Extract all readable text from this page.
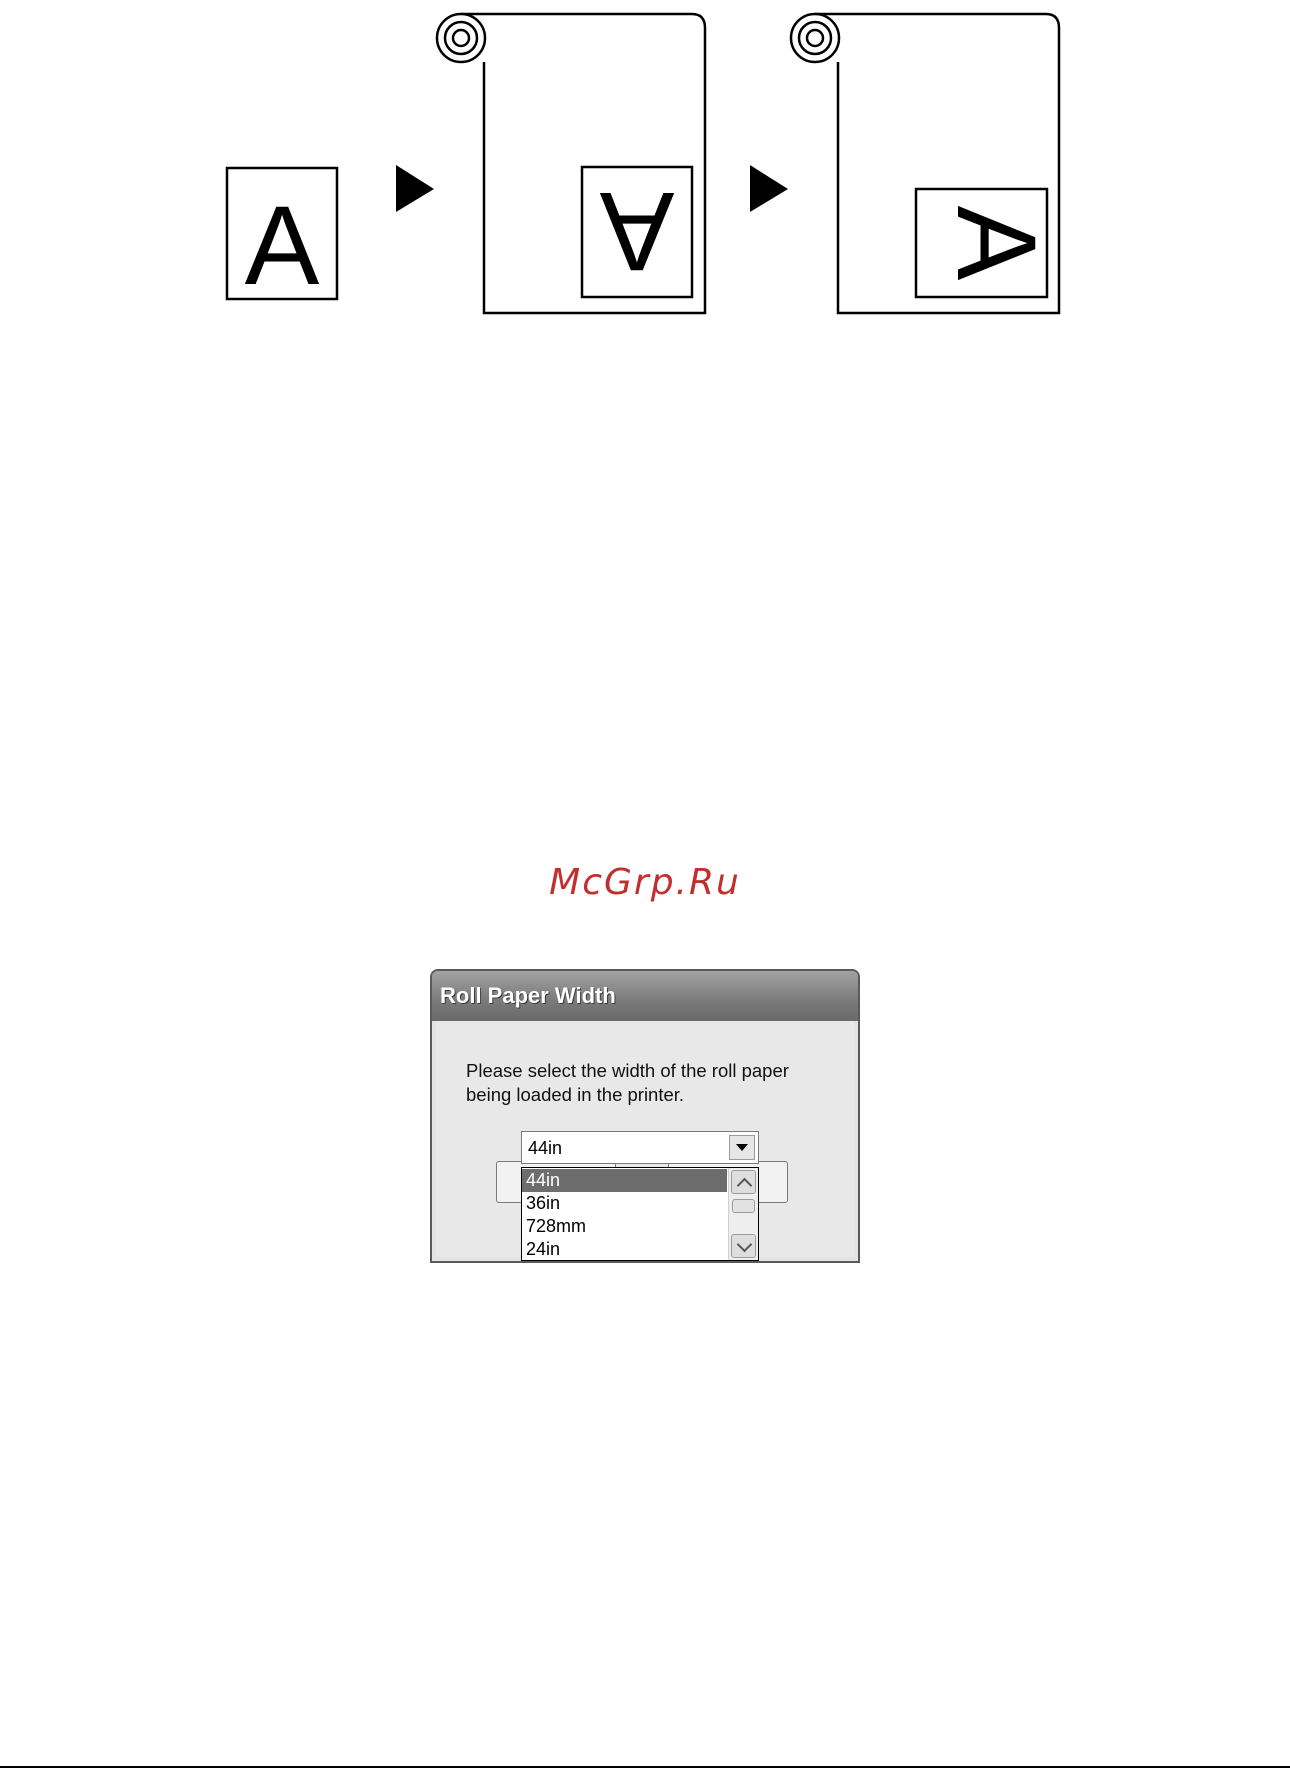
A	A A
McGrp.Ru
Roll Paper Width
Please select the width of the roll paper
being loaded in the printer.
44in
44in
36in
728mm
24in
